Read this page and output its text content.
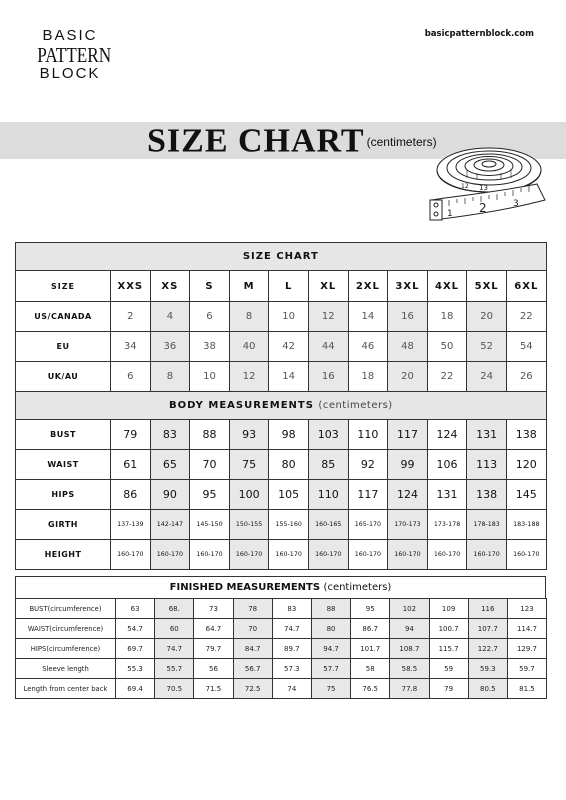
BASIC
PATTERN
BLOCK
basicpatternblock.com
SIZE CHART (centimeters)
1 2	3
13
12
SIZE CHART											
SIZE	XXS	XS	S	M	L	XL	2XL	3XL	4XL	5XL	6XL
US/CANADA	2	4	6	8	10	12	14	16	18	20	22
EU	34	36	38	40	42	44	46	48	50	52	54
UK/AU	6	8	10	12	14	16	18	20	22	24	26
BODY MEASUREMENTS (centimeters)											
BUST	79	83	88	93	98	103	110	117	124	131	138
WAIST	61	65	70	75	80	85	92	99	106	113	120
HIPS	86	90	95	100	105	110	117	124	131	138	145
GIRTH	137-139	142-147	145-150	150-155	155-160	160-165	165-170	170-173	173-178	178-183	183-188
HEIGHT	160-170	160-170	160-170	160-170	160-170	160-170	160-170	160-170	160-170	160-170	160-170
FINISHED MEASUREMENTS (centimeters)
BUST(circumference)	63	68.	73	78	83	88	95	102	109	116	123
WAIST(circumference)	54.7	60	64.7	70	74.7	80	86.7	94	100.7	107.7	114.7
HIPS(circumference)	69.7	74.7	79.7	84.7	89.7	94.7	101.7	108.7	115.7	122.7	129.7
Sleeve length	55.3	55.7	56	56.7	57.3	57.7	58	58.5	59	59.3	59.7
Length from center back	69.4	70.5	71.5	72.5	74	75	76.5	77.8	79	80.5	81.5
